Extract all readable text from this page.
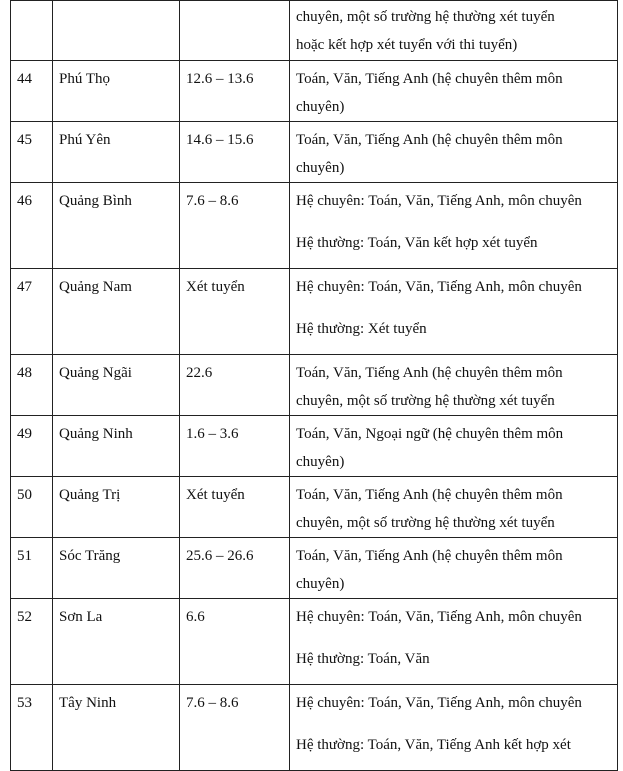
			chuyên, một số trường hệ thường xét tuyển
hoặc kết hợp xét tuyển với thi tuyển)

44	Phú Thọ	12.6 – 13.6	Toán, Văn, Tiếng Anh (hệ chuyên thêm môn
chuyên)

45	Phú Yên	14.6 – 15.6	Toán, Văn, Tiếng Anh (hệ chuyên thêm môn
chuyên)

46	Quảng Bình	7.6 – 8.6	Hệ chuyên: Toán, Văn, Tiếng Anh, môn chuyên
Hệ thường: Toán, Văn kết hợp xét tuyển

47	Quảng Nam	Xét tuyển	Hệ chuyên: Toán, Văn, Tiếng Anh, môn chuyên
Hệ thường: Xét tuyển

48	Quảng Ngãi	22.6	Toán, Văn, Tiếng Anh (hệ chuyên thêm môn
chuyên, một số trường hệ thường xét tuyển

49	Quảng Ninh	1.6 – 3.6	Toán, Văn, Ngoại ngữ (hệ chuyên thêm môn
chuyên)

50	Quảng Trị	Xét tuyển	Toán, Văn, Tiếng Anh (hệ chuyên thêm môn
chuyên, một số trường hệ thường xét tuyển

51	Sóc Trăng	25.6 – 26.6	Toán, Văn, Tiếng Anh (hệ chuyên thêm môn
chuyên)

52	Sơn La	6.6	Hệ chuyên: Toán, Văn, Tiếng Anh, môn chuyên
Hệ thường: Toán, Văn

53	Tây Ninh	7.6 – 8.6	Hệ chuyên: Toán, Văn, Tiếng Anh, môn chuyên
Hệ thường: Toán, Văn, Tiếng Anh kết hợp xét
